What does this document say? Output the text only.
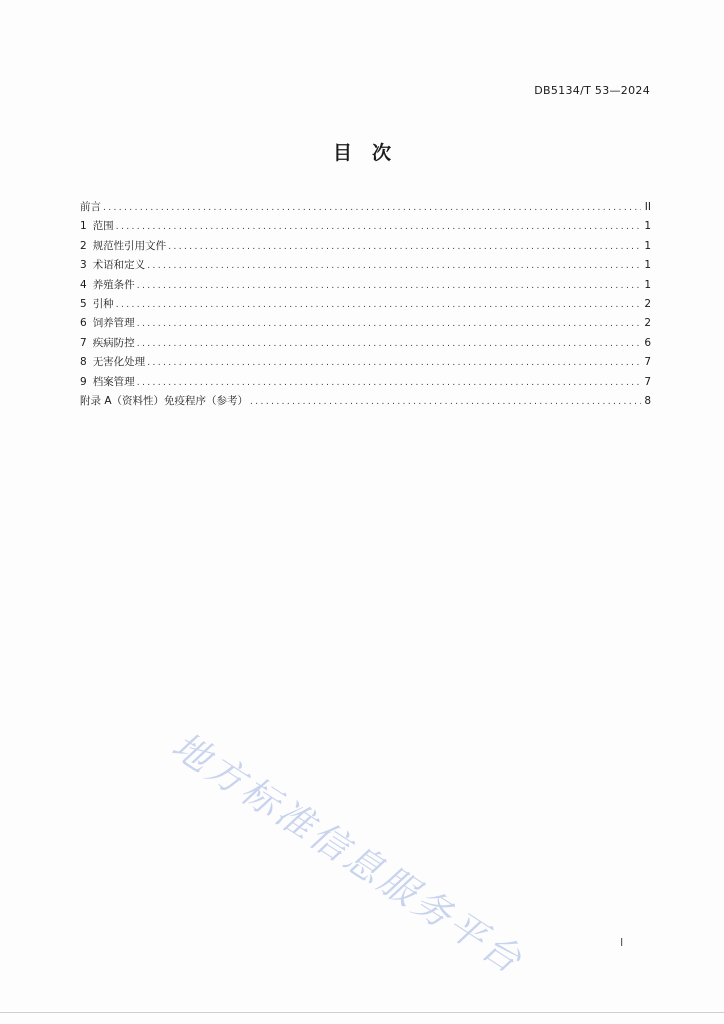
DB5134/T 53—2024
目 次
前言 .....	II
1 范围 .....	1
2 规范性引用文件 .....	1
3 术语和定义 .....	1
4 养殖条件 .....	1
5 引种 .....	2
6 饲养管理 .....	2
7 疾病防控 .....	6
8 无害化处理 .....	7
9 档案管理 .....	7
附录 A（资料性）免疫程序（参考） .....	8
地方标准信息服务平台	I
